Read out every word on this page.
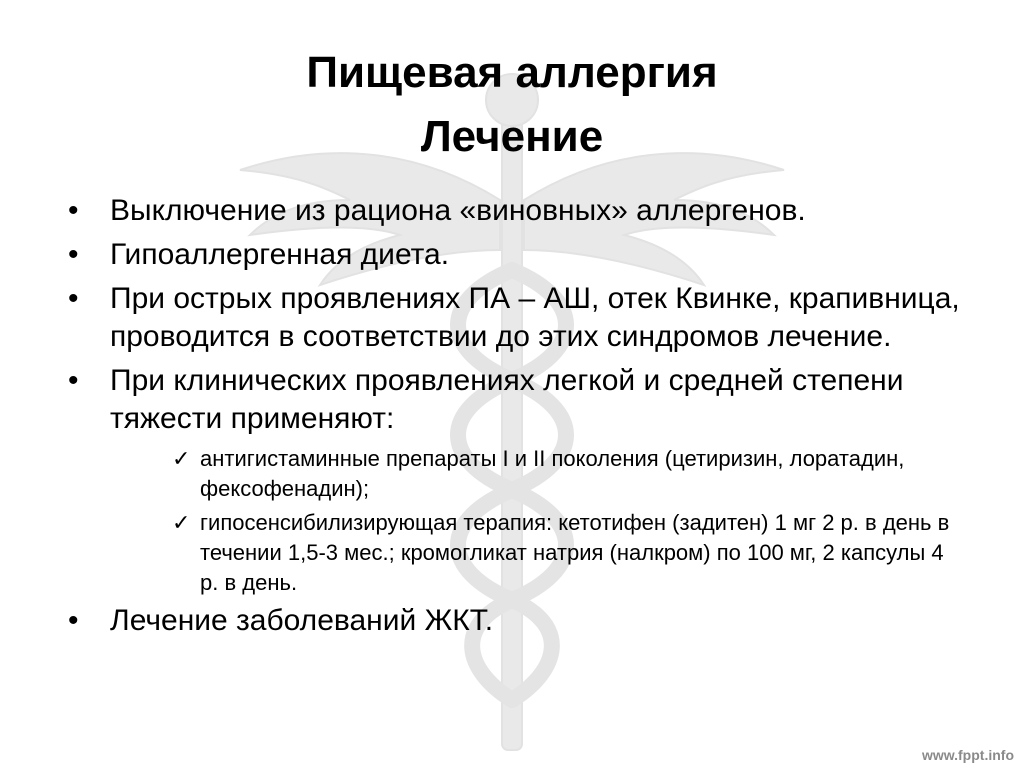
Пищевая аллергия
Лечение
• Выключение из рациона «виновных» аллергенов.
• Гипоаллергенная диета.
• При острых проявлениях ПА – АШ, отек Квинке, крапивница, проводится в соответствии до этих синдромов лечение.
• При клинических проявлениях легкой и средней степени тяжести применяют:
✓ антигистаминные препараты I и II поколения (цетиризин, лоратадин, фексофенадин);
✓ гипосенсибилизирующая терапия: кетотифен (задитен) 1 мг 2 р. в день в течении 1,5-3 мес.; кромогликат натрия (налкром) по 100 мг, 2 капсулы 4 р. в день.
• Лечение заболеваний ЖКТ.
www.fppt.info
